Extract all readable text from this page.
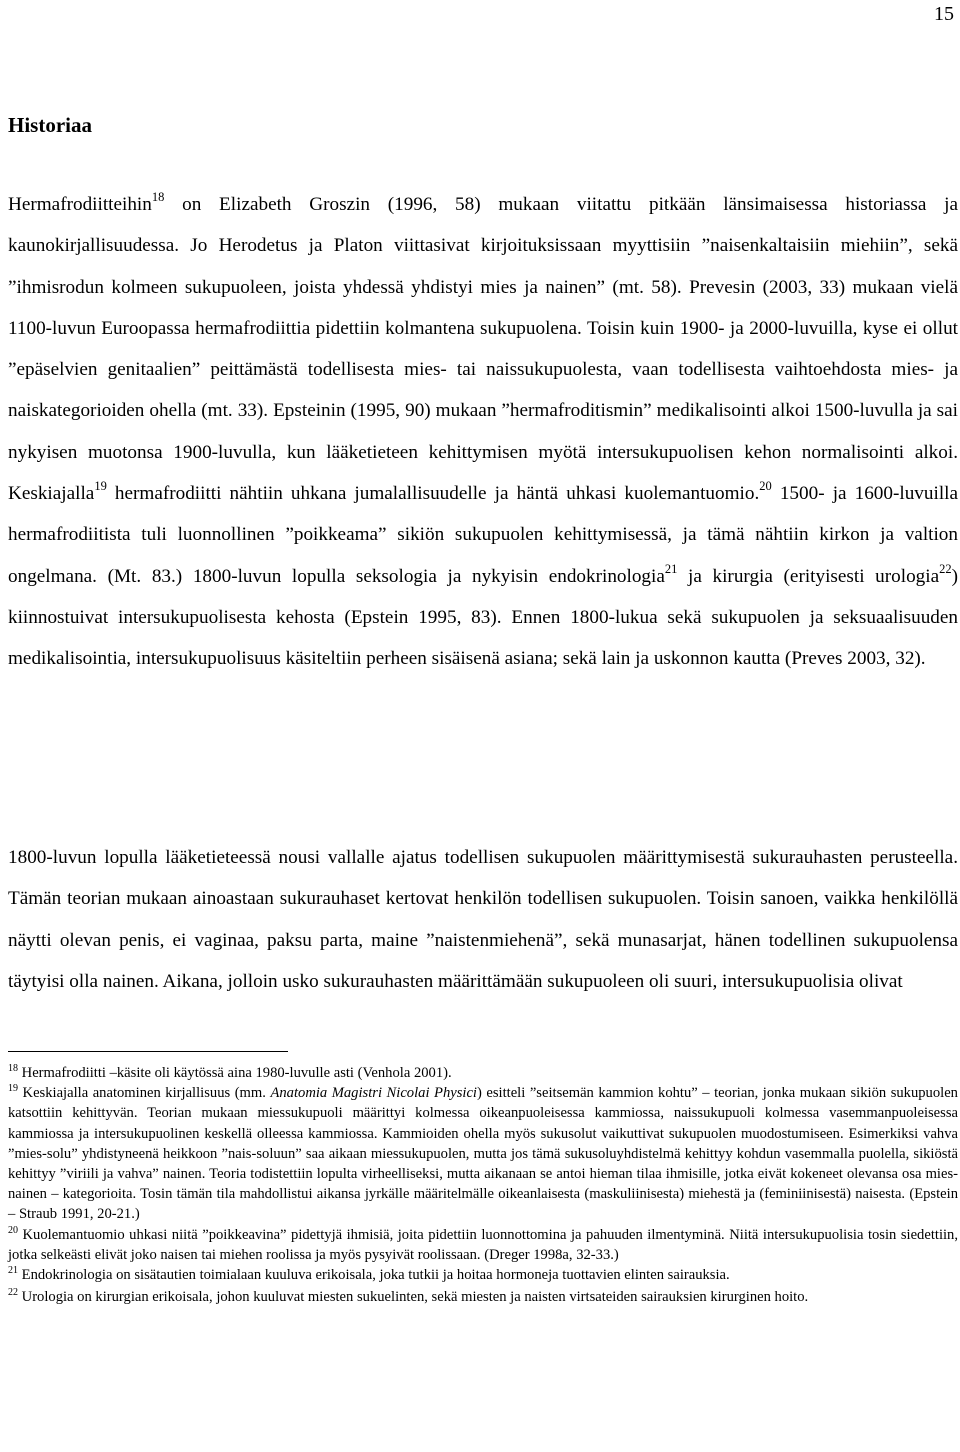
15
Historiaa

Hermafrodiitteihin$^{18}$ on Elizabeth Groszin (1996, 58) mukaan viitattu pitkään länsimaisessa historiassa ja kaunokirjallisuudessa. Jo Herodetus ja Platon viittasivat kirjoituksissaan myyttisiin ”naisenkaltaisiin miehiin”, sekä ”ihmisrodun kolmeen sukupuoleen, joista yhdessä yhdistyi mies ja nainen” (mt. 58). Prevesin (2003, 33) mukaan vielä 1100-luvun Euroopassa hermafrodiittia pidettiin kolmantena sukupuolena. Toisin kuin 1900- ja 2000-luvuilla, kyse ei ollut ”epäselvien genitaalien” peittämästä todellisesta mies- tai naissukupuolesta, vaan todellisesta vaihtoehdosta mies- ja naiskategorioiden ohella (mt. 33). Epsteinin (1995, 90) mukaan ”hermafroditismin” medikalisointi alkoi 1500-luvulla ja sai nykyisen muotonsa 1900-luvulla, kun lääketieteen kehittymisen myötä intersukupuolisen kehon normalisointi alkoi. Keskiajalla$^{19}$ hermafrodiitti nähtiin uhkana jumalallisuudelle ja häntä uhkasi kuolemantuomio.$^{20}$ 1500- ja 1600-luvuilla hermafrodiitista tuli luonnollinen ”poikkeama” sikiön sukupuolen kehittymisessä, ja tämä nähtiin kirkon ja valtion ongelmana. (Mt. 83.) 1800-luvun lopulla seksologia ja nykyisin endokrinologia$^{21}$ ja kirurgia (erityisesti urologia$^{22}$) kiinnostuivat intersukupuolisesta kehosta (Epstein 1995, 83). Ennen 1800-lukua sekä sukupuolen ja seksuaalisuuden medikalisointia, intersukupuolisuus käsiteltiin perheen sisäisenä asiana; sekä lain ja uskonnon kautta (Preves 2003, 32).

1800-luvun lopulla lääketieteessä nousi vallalle ajatus todellisen sukupuolen määrittymisestä sukurauhasten perusteella. Tämän teorian mukaan ainoastaan sukurauhaset kertovat henkilön todellisen sukupuolen. Toisin sanoen, vaikka henkilöllä näytti olevan penis, ei vaginaa, paksu parta, maine ”naistenmiehenä”, sekä munasarjat, hänen todellinen sukupuolensa täytyisi olla nainen. Aikana, jolloin usko sukurauhasten määrittämään sukupuoleen oli suuri, intersukupuolisia olivat

$^{18}$ Hermafrodiitti –käsite oli käytössä aina 1980-luvulle asti (Venhola 2001).

$^{19}$ Keskiajalla anatominen kirjallisuus (mm. Anatomia Magistri Nicolai Physici) esitteli ”seitsemän kammion kohtu” – teorian, jonka mukaan sikiön sukupuolen katsottiin kehittyvän. Teorian mukaan miessukupuoli määrittyi kolmessa oikeanpuoleisessa kammiossa, naissukupuoli kolmessa vasemmanpuoleisessa kammiossa ja intersukupuolinen keskellä olleessa kammiossa. Kammioiden ohella myös sukusolut vaikuttivat sukupuolen muodostumiseen. Esimerkiksi vahva ”mies-solu” yhdistyneenä heikkoon ”nais-soluun” saa aikaan miessukupuolen, mutta jos tämä sukusoluyhdistelmä kehittyy kohdun vasemmalla puolella, sikiöstä kehittyy ”viriili ja vahva” nainen. Teoria todistettiin lopulta virheelliseksi, mutta aikanaan se antoi hieman tilaa ihmisille, jotka eivät kokeneet olevansa osa mies-nainen – kategorioita. Tosin tämän tila mahdollistui aikansa jyrkälle määritelmälle oikeanlaisesta (maskuliinisesta) miehestä ja (feminiinisestä) naisesta. (Epstein – Straub 1991, 20-21.)

$^{20}$ Kuolemantuomio uhkasi niitä ”poikkeavina” pidettyjä ihmisiä, joita pidettiin luonnottomina ja pahuuden ilmentyminä. Niitä intersukupuolisia tosin siedettiin, jotka selkeästi elivät joko naisen tai miehen roolissa ja myös pysyivät roolissaan. (Dreger 1998a, 32-33.)

$^{21}$ Endokrinologia on sisätautien toimialaan kuuluva erikoisala, joka tutkii ja hoitaa hormoneja tuottavien elinten sairauksia.

$^{22}$ Urologia on kirurgian erikoisala, johon kuuluvat miesten sukuelinten, sekä miesten ja naisten virtsateiden sairauksien kirurginen hoito.
